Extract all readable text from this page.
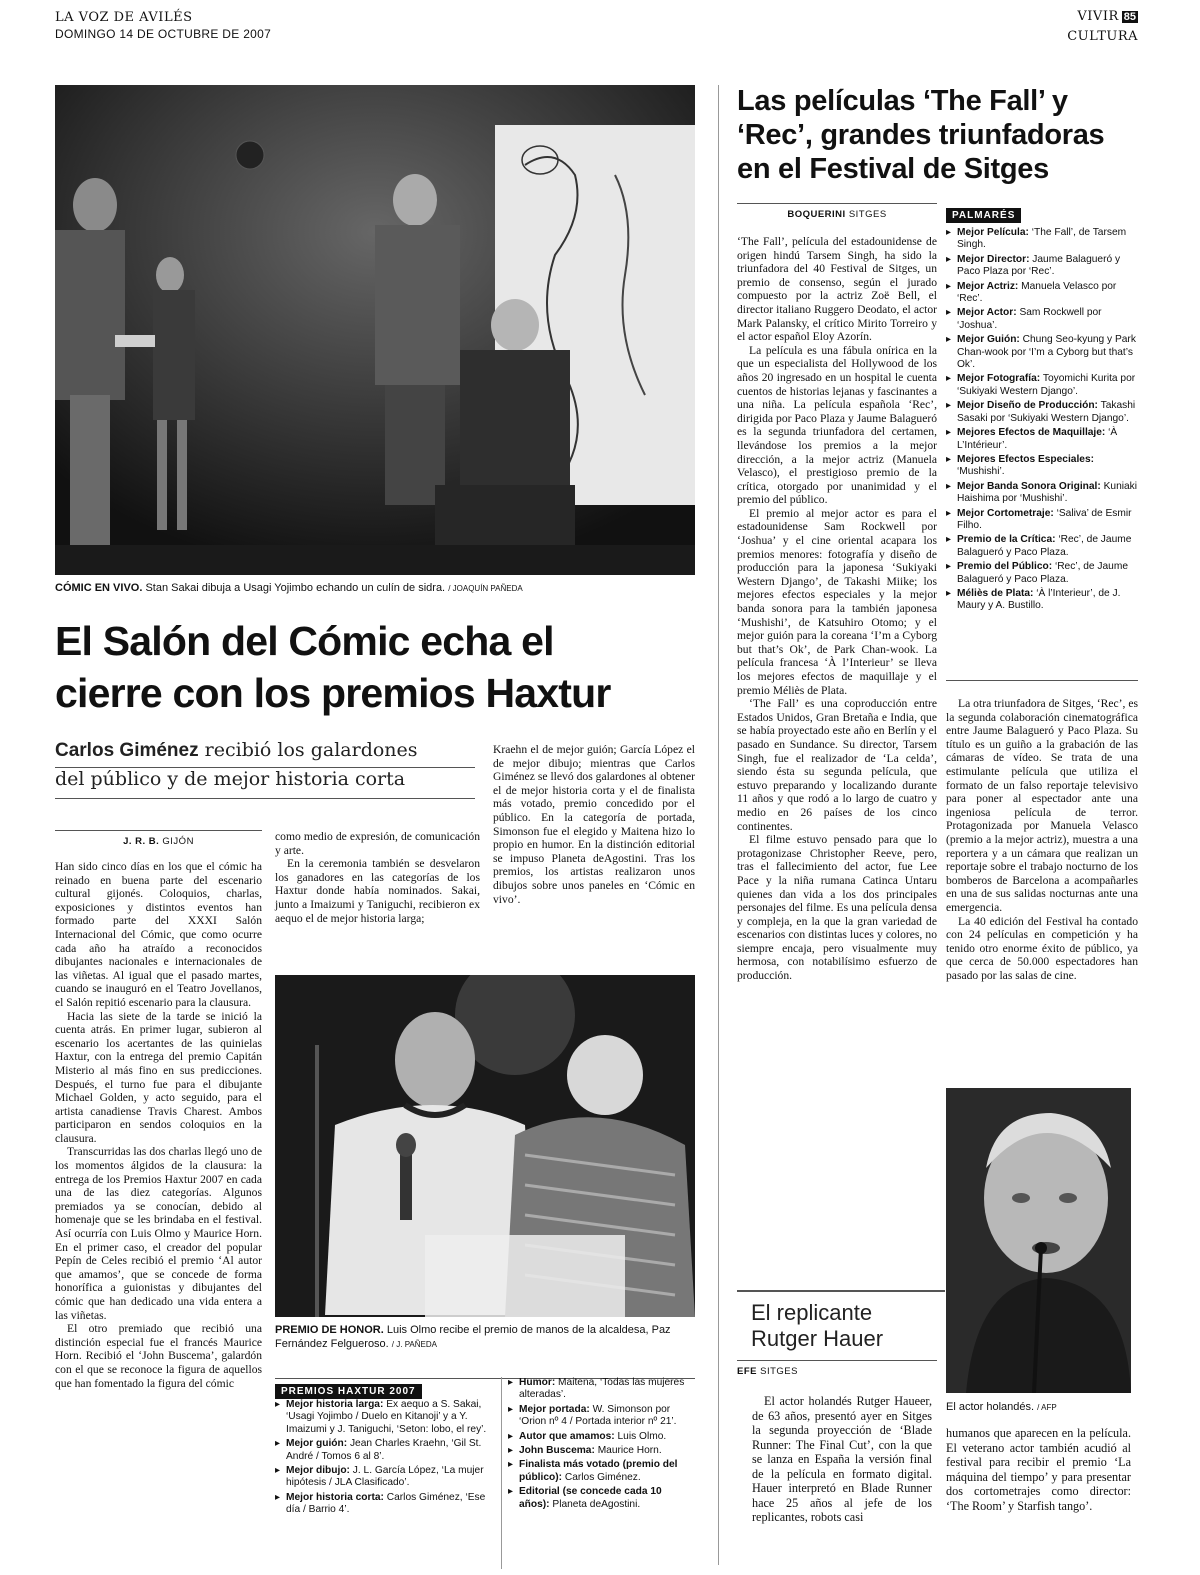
LA VOZ DE AVILÉS
DOMINGO 14 DE OCTUBRE DE 2007
VIVIR 85
CULTURA
CÓMIC EN VIVO. Stan Sakai dibuja a Usagi Yojimbo echando un culín de sidra. / JOAQUÍN PAÑEDA
El Salón del Cómic echa el
cierre con los premios Haxtur
Carlos Giménez recibió los galardones
del público y de mejor historia corta
J. R. B. GIJÓN

Han sido cinco días en los que el cómic ha reinado en buena parte del escenario cultural gijonés. Coloquios, charlas, exposiciones y distintos eventos han formado parte del XXXI Salón Internacional del Cómic, que como ocurre cada año ha atraído a reconocidos dibujantes nacionales e internacionales de las viñetas. Al igual que el pasado martes, cuando se inauguró en el Teatro Jovellanos, el Salón repitió escenario para la clausura.

Hacia las siete de la tarde se inició la cuenta atrás. En primer lugar, subieron al escenario los acertantes de las quinielas Haxtur, con la entrega del premio Capitán Misterio al más fino en sus predicciones. Después, el turno fue para el dibujante Michael Golden, y acto seguido, para el artista canadiense Travis Charest. Ambos participaron en sendos coloquios en la clausura.

Transcurridas las dos charlas llegó uno de los momentos álgidos de la clausura: la entrega de los Premios Haxtur 2007 en cada una de las diez categorías. Algunos premiados ya se conocían, debido al homenaje que se les brindaba en el festival. Así ocurría con Luis Olmo y Maurice Horn. En el primer caso, el creador del popular Pepín de Celes recibió el premio ‘Al autor que amamos’, que se concede de forma honorífica a guionistas y dibujantes del cómic que han dedicado una vida entera a las viñetas.

El otro premiado que recibió una distinción especial fue el francés Maurice Horn. Recibió el ‘John Buscema’, galardón con el que se reconoce la figura de aquellos que han fomentado la figura del cómic

como medio de expresión, de comunicación y arte.

En la ceremonia también se desvelaron los ganadores en las categorías de los Haxtur donde había nominados. Sakai, junto a Imaizumi y Taniguchi, recibieron ex aequo el de mejor historia larga;

Kraehn el de mejor guión; García López el de mejor dibujo; mientras que Carlos Giménez se llevó dos galardones al obtener el de mejor historia corta y el de finalista más votado, premio concedido por el público. En la categoría de portada, Simonson fue el elegido y Maitena hizo lo propio en humor. En la distinción editorial se impuso Planeta deAgostini. Tras los premios, los artistas realizaron unos dibujos sobre unos paneles en ‘Cómic en vivo’.

PREMIO DE HONOR. Luis Olmo recibe el premio de manos de la alcaldesa, Paz Fernández Felgueroso. / J. PAÑEDA
PREMIOS HAXTUR 2007
▸ Mejor historia larga: Ex aequo a S. Sakai, ‘Usagi Yojimbo / Duelo en Kitanoji’ y a Y. Imaizumi y J. Taniguchi, ‘Seton: lobo, el rey’.
▸ Mejor guión: Jean Charles Kraehn, ‘Gil St. André / Tomos 6 al 8’.
▸ Mejor dibujo: J. L. García López, ‘La mujer hipótesis / JLA Clasificado’.
▸ Mejor historia corta: Carlos Giménez, ‘Ese día / Barrio 4’.
▸ Humor: Maitena, ‘Todas las mujeres alteradas’.
▸ Mejor portada: W. Simonson por ‘Orion nº 4 / Portada interior nº 21’.
▸ Autor que amamos: Luis Olmo.
▸ John Buscema: Maurice Horn.
▸ Finalista más votado (premio del público): Carlos Giménez.
▸ Editorial (se concede cada 10 años): Planeta deAgostini.
Las películas ‘The Fall’ y
‘Rec’, grandes triunfadoras
en el Festival de Sitges
BOQUERINI SITGES

‘The Fall’, película del estadounidense de origen hindú Tarsem Singh, ha sido la triunfadora del 40 Festival de Sitges, un premio de consenso, según el jurado compuesto por la actriz Zoë Bell, el director italiano Ruggero Deodato, el actor Mark Palansky, el crítico Mirito Torreiro y el actor español Eloy Azorín.

La película es una fábula onírica en la que un especialista del Hollywood de los años 20 ingresado en un hospital le cuenta cuentos de historias lejanas y fascinantes a una niña. La película española ‘Rec’, dirigida por Paco Plaza y Jaume Balagueró es la segunda triunfadora del certamen, llevándose los premios a la mejor dirección, a la mejor actriz (Manuela Velasco), el prestigioso premio de la crítica, otorgado por unanimidad y el premio del público.

El premio al mejor actor es para el estadounidense Sam Rockwell por ‘Joshua’ y el cine oriental acapara los premios menores: fotografía y diseño de producción para la japonesa ‘Sukiyaki Western Django’, de Takashi Miike; los mejores efectos especiales y la mejor banda sonora para la también japonesa ‘Mushishi’, de Katsuhiro Otomo; y el mejor guión para la coreana ‘I’m a Cyborg but that’s Ok’, de Park Chan-wook. La película francesa ‘À l’Interieur’ se lleva los mejores efectos de maquillaje y el premio Méliès de Plata.

‘The Fall’ es una coproducción entre Estados Unidos, Gran Bretaña e India, que se había proyectado este año en Berlín y el pasado en Sundance. Su director, Tarsem Singh, fue el realizador de ‘La celda’, siendo ésta su segunda película, que estuvo preparando y localizando durante 11 años y que rodó a lo largo de cuatro y medio en 26 países de los cinco continentes.

El filme estuvo pensado para que lo protagonizase Christopher Reeve, pero, tras el fallecimiento del actor, fue Lee Pace y la niña rumana Catinca Untaru quienes dan vida a los dos principales personajes del filme. Es una película densa y compleja, en la que la gran variedad de escenarios con distintas luces y colores, no siempre encaja, pero visualmente muy hermosa, con notabilísimo esfuerzo de producción.

PALMARÉS
▸ Mejor Película: ‘The Fall’, de Tarsem Singh.
▸ Mejor Director: Jaume Balagueró y Paco Plaza por ‘Rec’.
▸ Mejor Actriz: Manuela Velasco por ‘Rec’.
▸ Mejor Actor: Sam Rockwell por ‘Joshua’.
▸ Mejor Guión: Chung Seo-kyung y Park Chan-wook por ‘I’m a Cyborg but that’s Ok’.
▸ Mejor Fotografía: Toyomichi Kurita por ‘Sukiyaki Western Django’.
▸ Mejor Diseño de Producción: Takashi Sasaki por ‘Sukiyaki Western Django’.
▸ Mejores Efectos de Maquillaje: ‘À L’Intérieur’.
▸ Mejores Efectos Especiales: ‘Mushishi’.
▸ Mejor Banda Sonora Original: Kuniaki Haishima por ‘Mushishi’.
▸ Mejor Cortometraje: ‘Saliva’ de Esmir Filho.
▸ Premio de la Crítica: ‘Rec’, de Jaume Balagueró y Paco Plaza.
▸ Premio del Público: ‘Rec’, de Jaume Balagueró y Paco Plaza.
▸ Méliès de Plata: ‘À l’Interieur’, de J. Maury y A. Bustillo.

La otra triunfadora de Sitges, ‘Rec’, es la segunda colaboración cinematográfica entre Jaume Balagueró y Paco Plaza. Su título es un guiño a la grabación de las cámaras de vídeo. Se trata de una estimulante película que utiliza el formato de un falso reportaje televisivo para poner al espectador ante una ingeniosa película de terror. Protagonizada por Manuela Velasco (premio a la mejor actriz), muestra a una reportera y a un cámara que realizan un reportaje sobre el trabajo nocturno de los bomberos de Barcelona a acompañarles en una de sus salidas nocturnas ante una emergencia.

La 40 edición del Festival ha contado con 24 películas en competición y ha tenido otro enorme éxito de público, ya que cerca de 50.000 espectadores han pasado por las salas de cine.

El actor holandés. / AFP
El replicante
Rutger Hauer
EFE SITGES

El actor holandés Rutger Haueer, de 63 años, presentó ayer en Sitges la segunda proyección de ‘Blade Runner: The Final Cut’, con la que se lanza en España la versión final de la película en formato digital. Hauer interpretó en Blade Runner hace 25 años al jefe de los replicantes, robots casi

humanos que aparecen en la película. El veterano actor también acudió al festival para recibir el premio ‘La máquina del tiempo’ y para presentar dos cortometrajes como director: ‘The Room’ y Starfish tango’.
